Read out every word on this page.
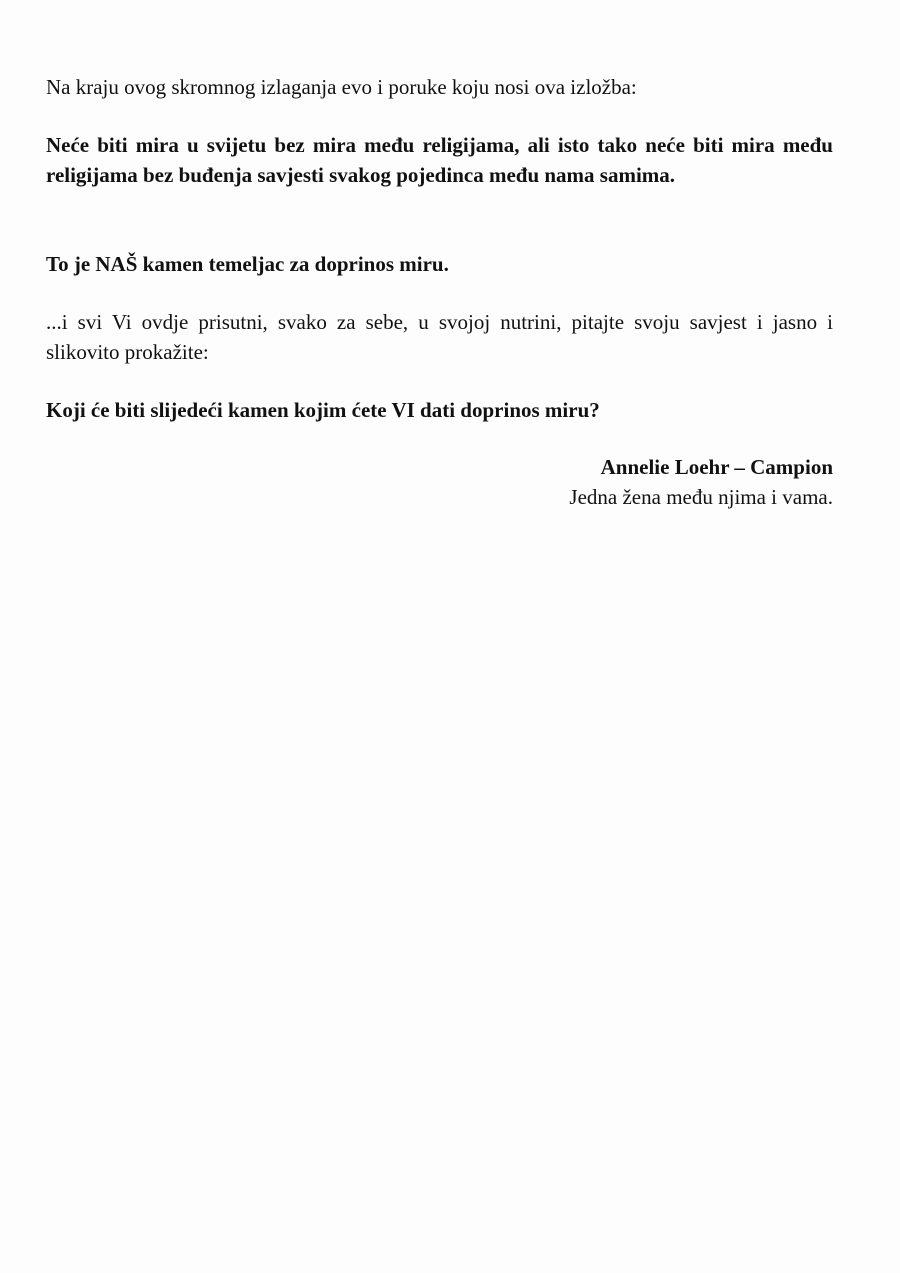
Na kraju ovog skromnog izlaganja evo i poruke koju nosi ova izložba:

Neće biti mira u svijetu bez mira među religijama, ali isto tako neće biti mira među religijama bez buđenja savjesti svakog pojedinca među nama samima.

To je NAŠ kamen temeljac za doprinos miru.

...i svi Vi ovdje prisutni, svako za sebe, u svojoj nutrini, pitajte svoju savjest i jasno i slikovito prokažite:

Koji će biti slijedeći kamen kojim ćete VI dati doprinos miru?

Annelie Loehr – Campion
Jedna žena među njima i vama.
